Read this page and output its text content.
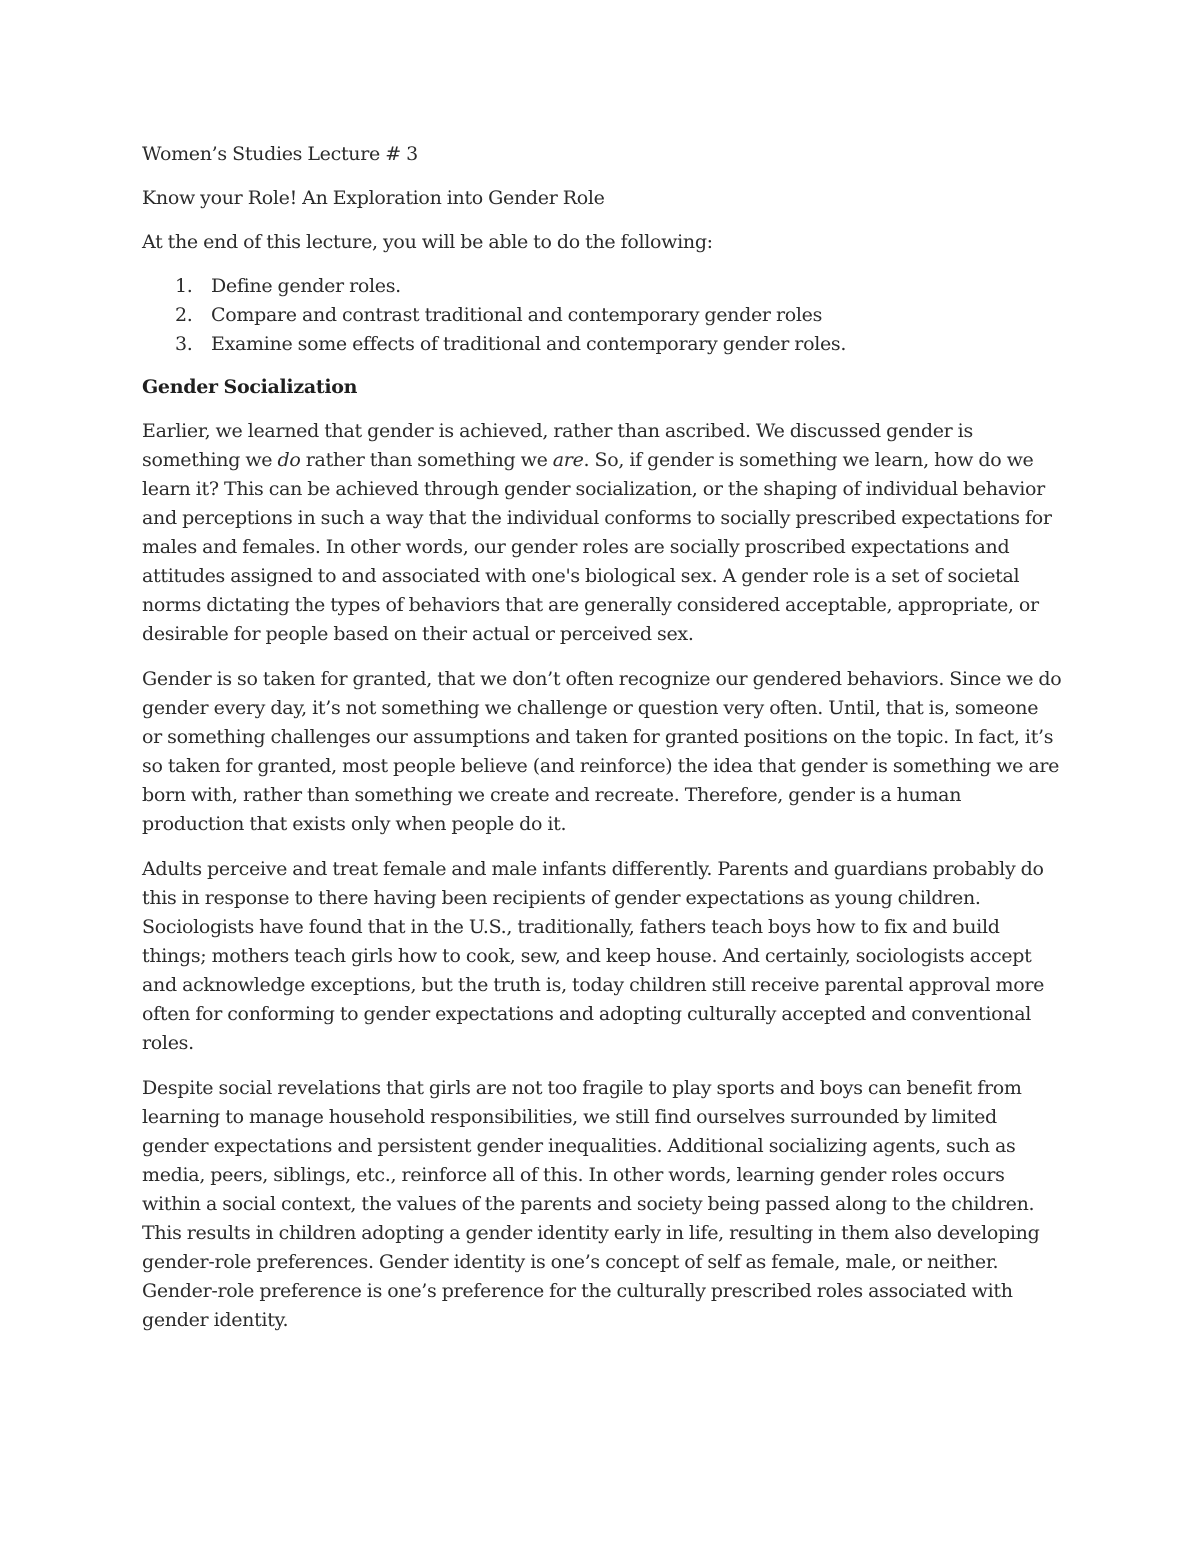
Women’s Studies Lecture # 3
Know your Role! An Exploration into Gender Role
At the end of this lecture, you will be able to do the following:
1. Define gender roles.
2. Compare and contrast traditional and contemporary gender roles
3. Examine some effects of traditional and contemporary gender roles.
Gender Socialization

Earlier, we learned that gender is achieved, rather than ascribed. We discussed gender is something we do rather than something we are. So, if gender is something we learn, how do we learn it? This can be achieved through gender socialization, or the shaping of individual behavior and perceptions in such a way that the individual conforms to socially prescribed expectations for males and females. In other words, our gender roles are socially proscribed expectations and attitudes assigned to and associated with one's biological sex. A gender role is a set of societal norms dictating the types of behaviors that are generally considered acceptable, appropriate, or desirable for people based on their actual or perceived sex.

Gender is so taken for granted, that we don’t often recognize our gendered behaviors. Since we do gender every day, it’s not something we challenge or question very often. Until, that is, someone or something challenges our assumptions and taken for granted positions on the topic. In fact, it’s so taken for granted, most people believe (and reinforce) the idea that gender is something we are born with, rather than something we create and recreate. Therefore, gender is a human production that exists only when people do it.

Adults perceive and treat female and male infants differently. Parents and guardians probably do this in response to there having been recipients of gender expectations as young children. Sociologists have found that in the U.S., traditionally, fathers teach boys how to fix and build things; mothers teach girls how to cook, sew, and keep house. And certainly, sociologists accept and acknowledge exceptions, but the truth is, today children still receive parental approval more often for conforming to gender expectations and adopting culturally accepted and conventional roles.

Despite social revelations that girls are not too fragile to play sports and boys can benefit from learning to manage household responsibilities, we still find ourselves surrounded by limited gender expectations and persistent gender inequalities. Additional socializing agents, such as media, peers, siblings, etc., reinforce all of this. In other words, learning gender roles occurs within a social context, the values of the parents and society being passed along to the children. This results in children adopting a gender identity early in life, resulting in them also developing gender-role preferences. Gender identity is one’s concept of self as female, male, or neither. Gender-role preference is one’s preference for the culturally prescribed roles associated with gender identity.
